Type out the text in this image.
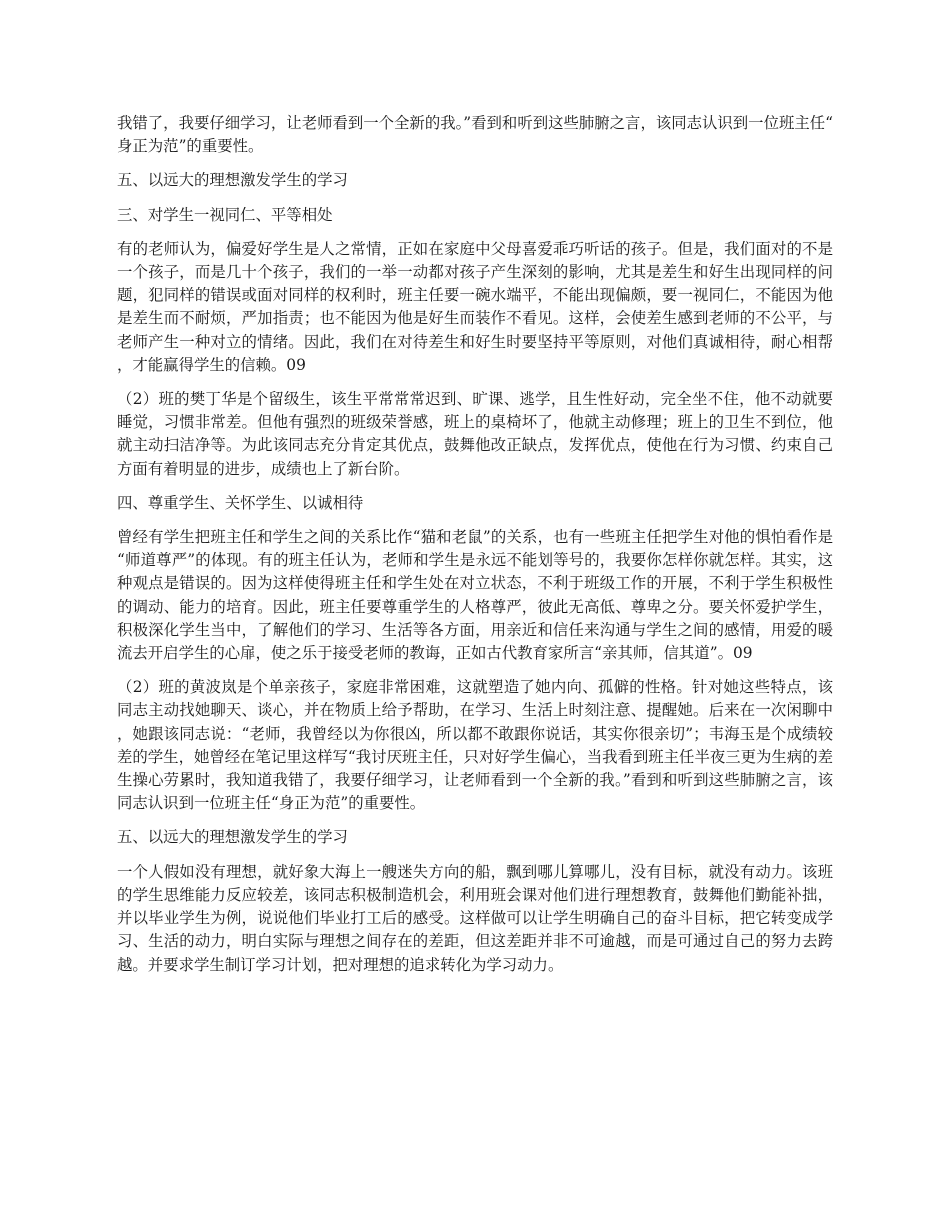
我错了，我要仔细学习，让老师看到一个全新的我。”看到和听到这些肺腑之言，该同志认识到一位班主任“身正为范”的重要性。

五、以远大的理想激发学生的学习

三、对学生一视同仁、平等相处

有的老师认为，偏爱好学生是人之常情，正如在家庭中父母喜爱乖巧听话的孩子。但是，我们面对的不是一个孩子，而是几十个孩子，我们的一举一动都对孩子产生深刻的影响，尤其是差生和好生出现同样的问题，犯同样的错误或面对同样的权利时，班主任要一碗水端平，不能出现偏颇，要一视同仁，不能因为他是差生而不耐烦，严加指责；也不能因为他是好生而装作不看见。这样，会使差生感到老师的不公平，与老师产生一种对立的情绪。因此，我们在对待差生和好生时要坚持平等原则，对他们真诚相待，耐心相帮，才能赢得学生的信赖。09

（2）班的樊丁华是个留级生，该生平常常常迟到、旷课、逃学，且生性好动，完全坐不住，他不动就要睡觉，习惯非常差。但他有强烈的班级荣誉感，班上的桌椅坏了，他就主动修理；班上的卫生不到位，他就主动扫洁净等。为此该同志充分肯定其优点，鼓舞他改正缺点，发挥优点，使他在行为习惯、约束自己方面有着明显的进步，成绩也上了新台阶。

四、尊重学生、关怀学生、以诚相待

曾经有学生把班主任和学生之间的关系比作“猫和老鼠”的关系，也有一些班主任把学生对他的惧怕看作是“师道尊严”的体现。有的班主任认为，老师和学生是永远不能划等号的，我要你怎样你就怎样。其实，这种观点是错误的。因为这样使得班主任和学生处在对立状态，不利于班级工作的开展，不利于学生积极性的调动、能力的培育。因此，班主任要尊重学生的人格尊严，彼此无高低、尊卑之分。要关怀爱护学生，积极深化学生当中，了解他们的学习、生活等各方面，用亲近和信任来沟通与学生之间的感情，用爱的暖流去开启学生的心扉，使之乐于接受老师的教诲，正如古代教育家所言“亲其师，信其道”。09

（2）班的黄波岚是个单亲孩子，家庭非常困难，这就塑造了她内向、孤僻的性格。针对她这些特点，该同志主动找她聊天、谈心，并在物质上给予帮助，在学习、生活上时刻注意、提醒她。后来在一次闲聊中，她跟该同志说：“老师，我曾经以为你很凶，所以都不敢跟你说话，其实你很亲切”；韦海玉是个成绩较差的学生，她曾经在笔记里这样写“我讨厌班主任，只对好学生偏心，当我看到班主任半夜三更为生病的差生操心劳累时，我知道我错了，我要仔细学习，让老师看到一个全新的我。”看到和听到这些肺腑之言，该同志认识到一位班主任“身正为范”的重要性。

五、以远大的理想激发学生的学习

一个人假如没有理想，就好象大海上一艘迷失方向的船，飘到哪儿算哪儿，没有目标，就没有动力。该班的学生思维能力反应较差，该同志积极制造机会，利用班会课对他们进行理想教育，鼓舞他们勤能补拙，并以毕业学生为例，说说他们毕业打工后的感受。这样做可以让学生明确自己的奋斗目标，把它转变成学习、生活的动力，明白实际与理想之间存在的差距，但这差距并非不可逾越，而是可通过自己的努力去跨越。并要求学生制订学习计划，把对理想的追求转化为学习动力。
